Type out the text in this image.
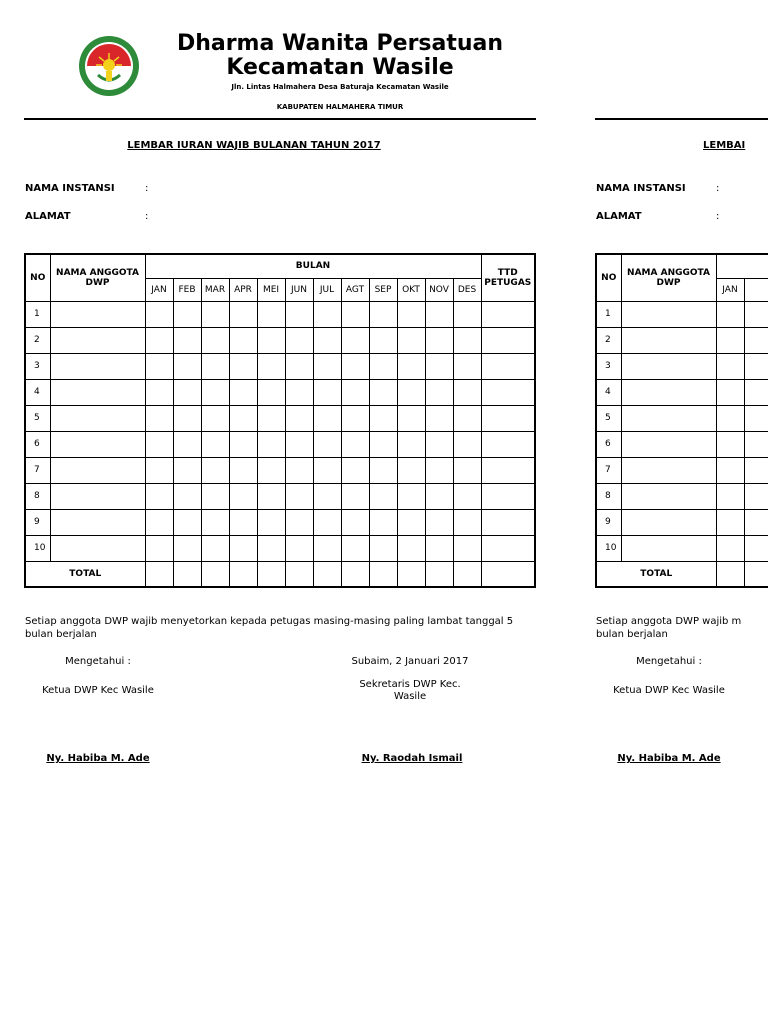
Dharma Wanita Persatuan
Kecamatan Wasile
Jln. Lintas Halmahera Desa Baturaja Kecamatan Wasile
KABUPATEN HALMAHERA TIMUR
LEMBAR IURAN WAJIB BULANAN TAHUN 2017
NAMA INSTANSI	:
ALAMAT	:
NO	NAMA ANGGOTA DWP	BULAN												TTD PETUGAS
		JAN	FEB	MAR	APR	MEI	JUN	JUL	AGT	SEP	OKT	NOV	DES	
1														
2														
3														
4														
5														
6														
7														
8														
9														
10														
TOTAL														
Setiap anggota DWP wajib menyetorkan kepada petugas masing-masing paling lambat tanggal 5 bulan berjalan
Mengetahui :	Subaim, 2 Januari 2017
Ketua DWP Kec Wasile
Sekretaris DWP Kec.
Wasile
Ny. Habiba M. Ade	Ny. Raodah Ismail
LEMBAI
NAMA INSTANSI	:
ALAMAT	:
NO	NAMA ANGGOTA DWP													
		JAN												
1														
2														
3														
4														
5														
6														
7														
8														
9														
10														
TOTAL														
Setiap anggota DWP wajib m
bulan berjalan
Mengetahui :
Ketua DWP Kec Wasile
Ny. Habiba M. Ade
